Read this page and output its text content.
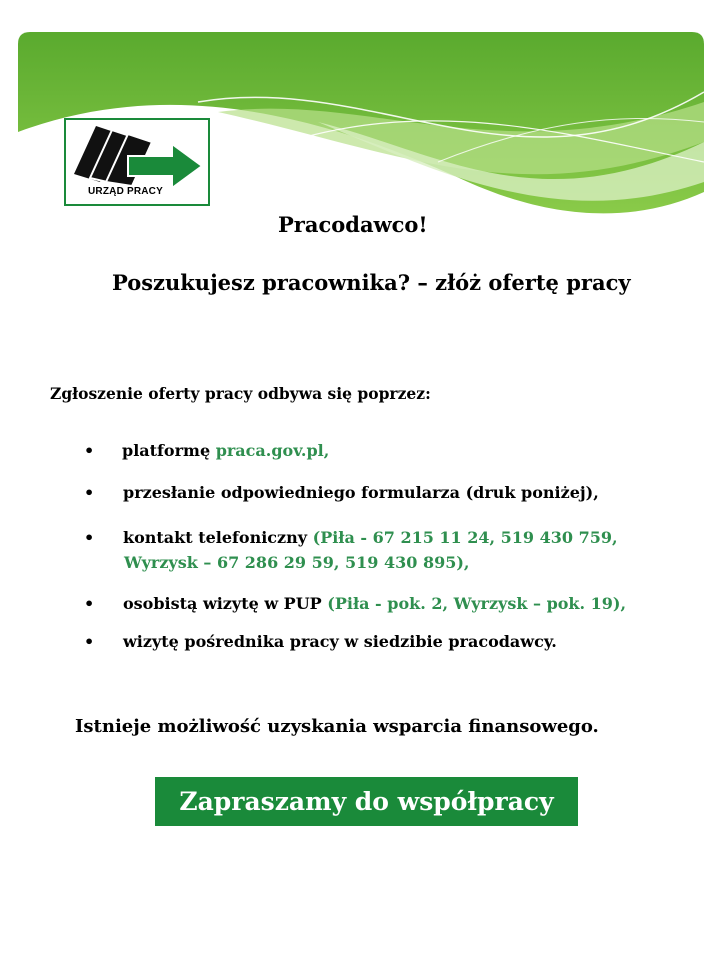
URZĄD PRACY
Pracodawco!
Poszukujesz pracownika? – złóż ofertę pracy
Zgłoszenie oferty pracy odbywa się poprzez:
• platformę praca.gov.pl,
• przesłanie odpowiedniego formularza (druk poniżej),
• kontakt telefoniczny (Piła - 67 215 11 24, 519 430 759,
Wyrzysk – 67 286 29 59, 519 430 895),
• osobistą wizytę w PUP (Piła - pok. 2, Wyrzysk – pok. 19),
• wizytę pośrednika pracy w siedzibie pracodawcy.
Istnieje możliwość uzyskania wsparcia finansowego.
Zapraszamy do współpracy
